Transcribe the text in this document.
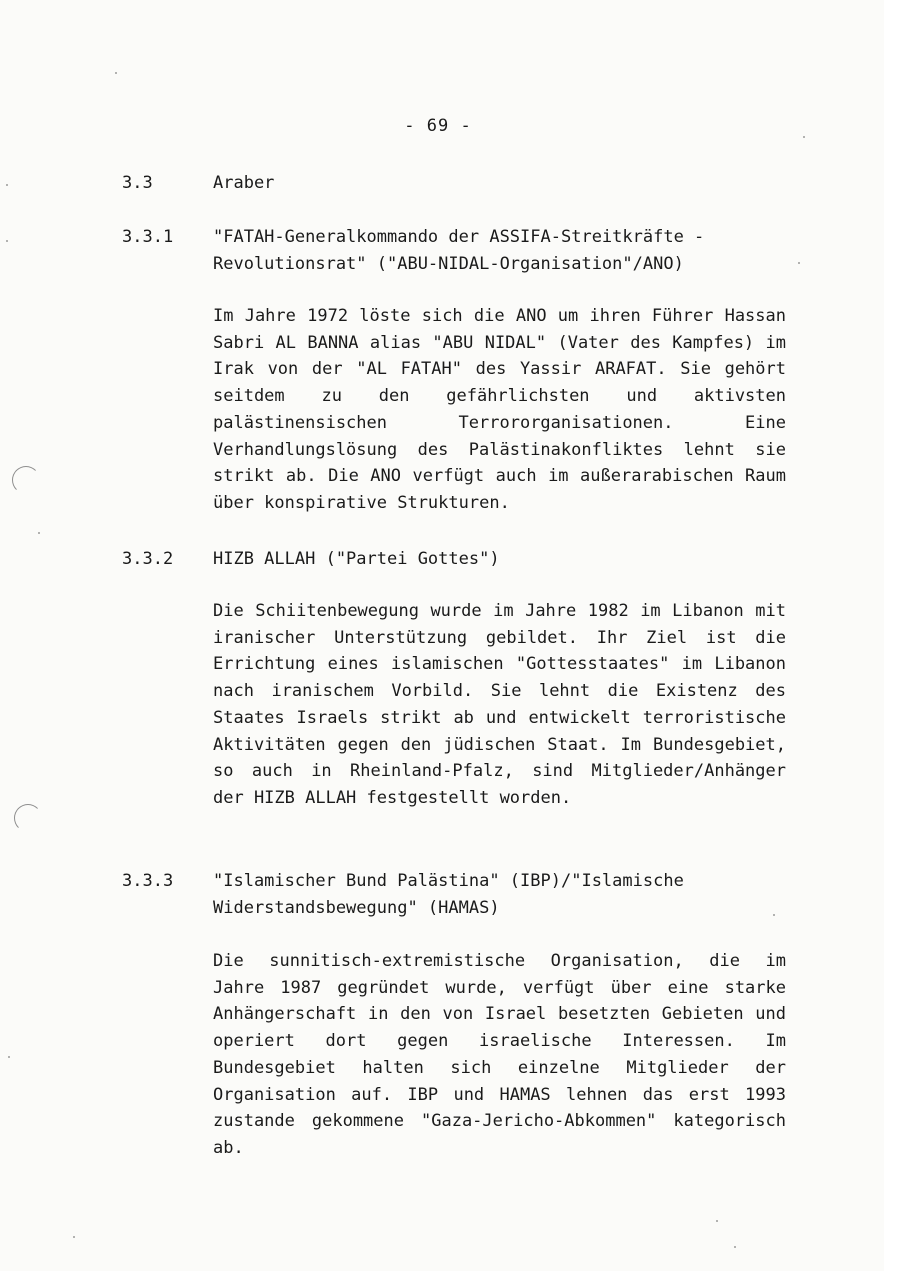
- 69 -
3.3	Araber
3.3.1	"FATAH-Generalkommando der ASSIFA-Streitkräfte -
Revolutionsrat" ("ABU-NIDAL-Organisation"/ANO)

Im Jahre 1972 löste sich die ANO um ihren Führer Hassan Sabri AL BANNA alias "ABU NIDAL" (Vater des Kampfes) im Irak von der "AL FATAH" des Yassir ARAFAT. Sie gehört seitdem zu den gefährlichsten und aktivsten palästinensischen Terrororganisationen. Eine Verhandlungslösung des Palästinakonfliktes lehnt sie strikt ab. Die ANO verfügt auch im außerarabischen Raum über konspirative Strukturen.

3.3.2	HIZB ALLAH ("Partei Gottes")

Die Schiitenbewegung wurde im Jahre 1982 im Libanon mit iranischer Unterstützung gebildet. Ihr Ziel ist die Errichtung eines islamischen "Gottesstaates" im Libanon nach iranischem Vorbild. Sie lehnt die Existenz des Staates Israels strikt ab und entwickelt terroristische Aktivitäten gegen den jüdischen Staat. Im Bundesgebiet, so auch in Rheinland-Pfalz, sind Mitglieder/Anhänger der HIZB ALLAH festgestellt worden.

3.3.3	"Islamischer Bund Palästina" (IBP)/"Islamische
Widerstandsbewegung" (HAMAS)

Die sunnitisch-extremistische Organisation, die im Jahre 1987 gegründet wurde, verfügt über eine starke Anhängerschaft in den von Israel besetzten Gebieten und operiert dort gegen israelische Interessen. Im Bundesgebiet halten sich einzelne Mitglieder der Organisation auf. IBP und HAMAS lehnen das erst 1993 zustande gekommene "Gaza-Jericho-Abkommen" kategorisch ab.
